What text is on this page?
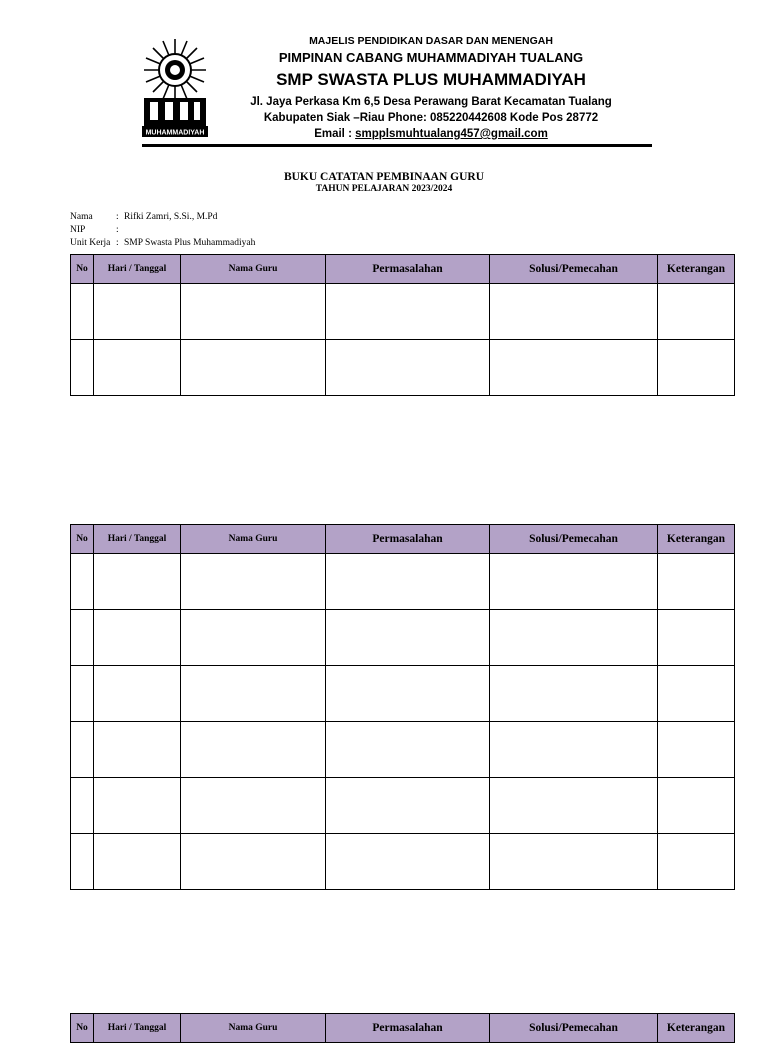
MUHAMMADIYAH
MAJELIS PENDIDIKAN DASAR DAN MENENGAH
PIMPINAN CABANG MUHAMMADIYAH TUALANG
SMP SWASTA PLUS MUHAMMADIYAH
Jl. Jaya Perkasa Km 6,5 Desa Perawang Barat Kecamatan Tualang
Kabupaten Siak –Riau Phone: 085220442608 Kode Pos 28772
Email : smpplsmuhtualang457@gmail.com
BUKU CATATAN PEMBINAAN GURU
TAHUN PELAJARAN 2023/2024
Nama	: Rifki Zamri, S.Si., M.Pd
NIP	:
Unit Kerja : SMP Swasta Plus Muhammadiyah
No	Hari / Tanggal	Nama Guru	Permasalahan	Solusi/Pemecahan	Keterangan

No	Hari / Tanggal	Nama Guru	Permasalahan	Solusi/Pemecahan	Keterangan

No	Hari / Tanggal	Nama Guru	Permasalahan	Solusi/Pemecahan	Keterangan
